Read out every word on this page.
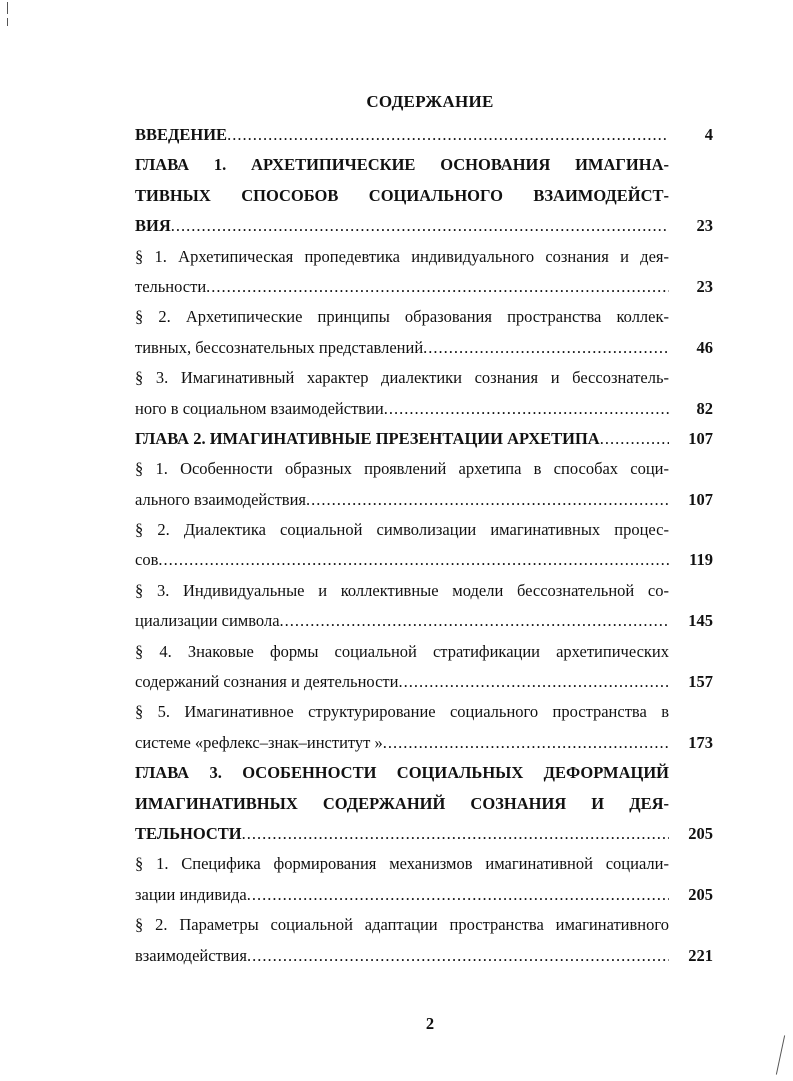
СОДЕРЖАНИЕ
ВВЕДЕНИЕ .....	4
ГЛАВА 1. АРХЕТИПИЧЕСКИЕ ОСНОВАНИЯ ИМАГИНА-
ТИВНЫХ СПОСОБОВ СОЦИАЛЬНОГО ВЗАИМОДЕЙСТ-
ВИЯ .....	23
§ 1. Архетипическая пропедевтика индивидуального сознания и дея-
тельности .....	23
§ 2. Архетипические принципы образования пространства коллек-
тивных, бессознательных представлений .....	46
§ 3. Имагинативный характер диалектики сознания и бессознатель-
ного в социальном взаимодействии .....	82
ГЛАВА 2. ИМАГИНАТИВНЫЕ ПРЕЗЕНТАЦИИ АРХЕТИПА .....	107
§ 1. Особенности образных проявлений архетипа в способах соци-
ального взаимодействия .....	107
§ 2. Диалектика социальной символизации имагинативных процес-
сов .....	119
§ 3. Индивидуальные и коллективные модели бессознательной со-
циализации символа .....	145
§ 4. Знаковые формы социальной стратификации архетипических
содержаний сознания и деятельности .....	157
§ 5. Имагинативное структурирование социального пространства в
системе «рефлекс–знак–институт » .....	173
ГЛАВА 3. ОСОБЕННОСТИ СОЦИАЛЬНЫХ ДЕФОРМАЦИЙ
ИМАГИНАТИВНЫХ СОДЕРЖАНИЙ СОЗНАНИЯ И ДЕЯ-
ТЕЛЬНОСТИ .....	205
§ 1. Специфика формирования механизмов имагинативной социали-
зации индивида .....	205
§ 2. Параметры социальной адаптации пространства имагинативного
взаимодействия .....	221
2
